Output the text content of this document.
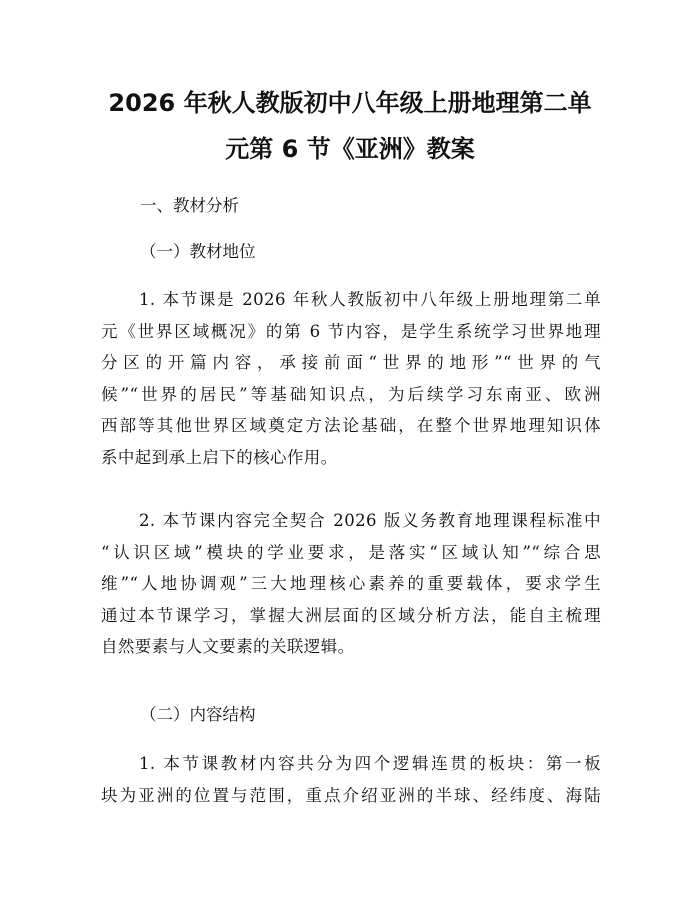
2026 年秋人教版初中八年级上册地理第二单
元第 6 节《亚洲》教案

一、教材分析

（一）教材地位

1. 本节课是 2026 年秋人教版初中八年级上册地理第二单
元《世界区域概况》的第 6 节内容，是学生系统学习世界地理
分区的开篇内容，承接前面“世界的地形”“世界的气
候”“世界的居民”等基础知识点，为后续学习东南亚、欧洲
西部等其他世界区域奠定方法论基础，在整个世界地理知识体
系中起到承上启下的核心作用。
2. 本节课内容完全契合 2026 版义务教育地理课程标准中
“认识区域”模块的学业要求，是落实“区域认知”“综合思
维”“人地协调观”三大地理核心素养的重要载体，要求学生
通过本节课学习，掌握大洲层面的区域分析方法，能自主梳理
自然要素与人文要素的关联逻辑。

（二）内容结构

1. 本节课教材内容共分为四个逻辑连贯的板块：第一板
块为亚洲的位置与范围，重点介绍亚洲的半球、经纬度、海陆
